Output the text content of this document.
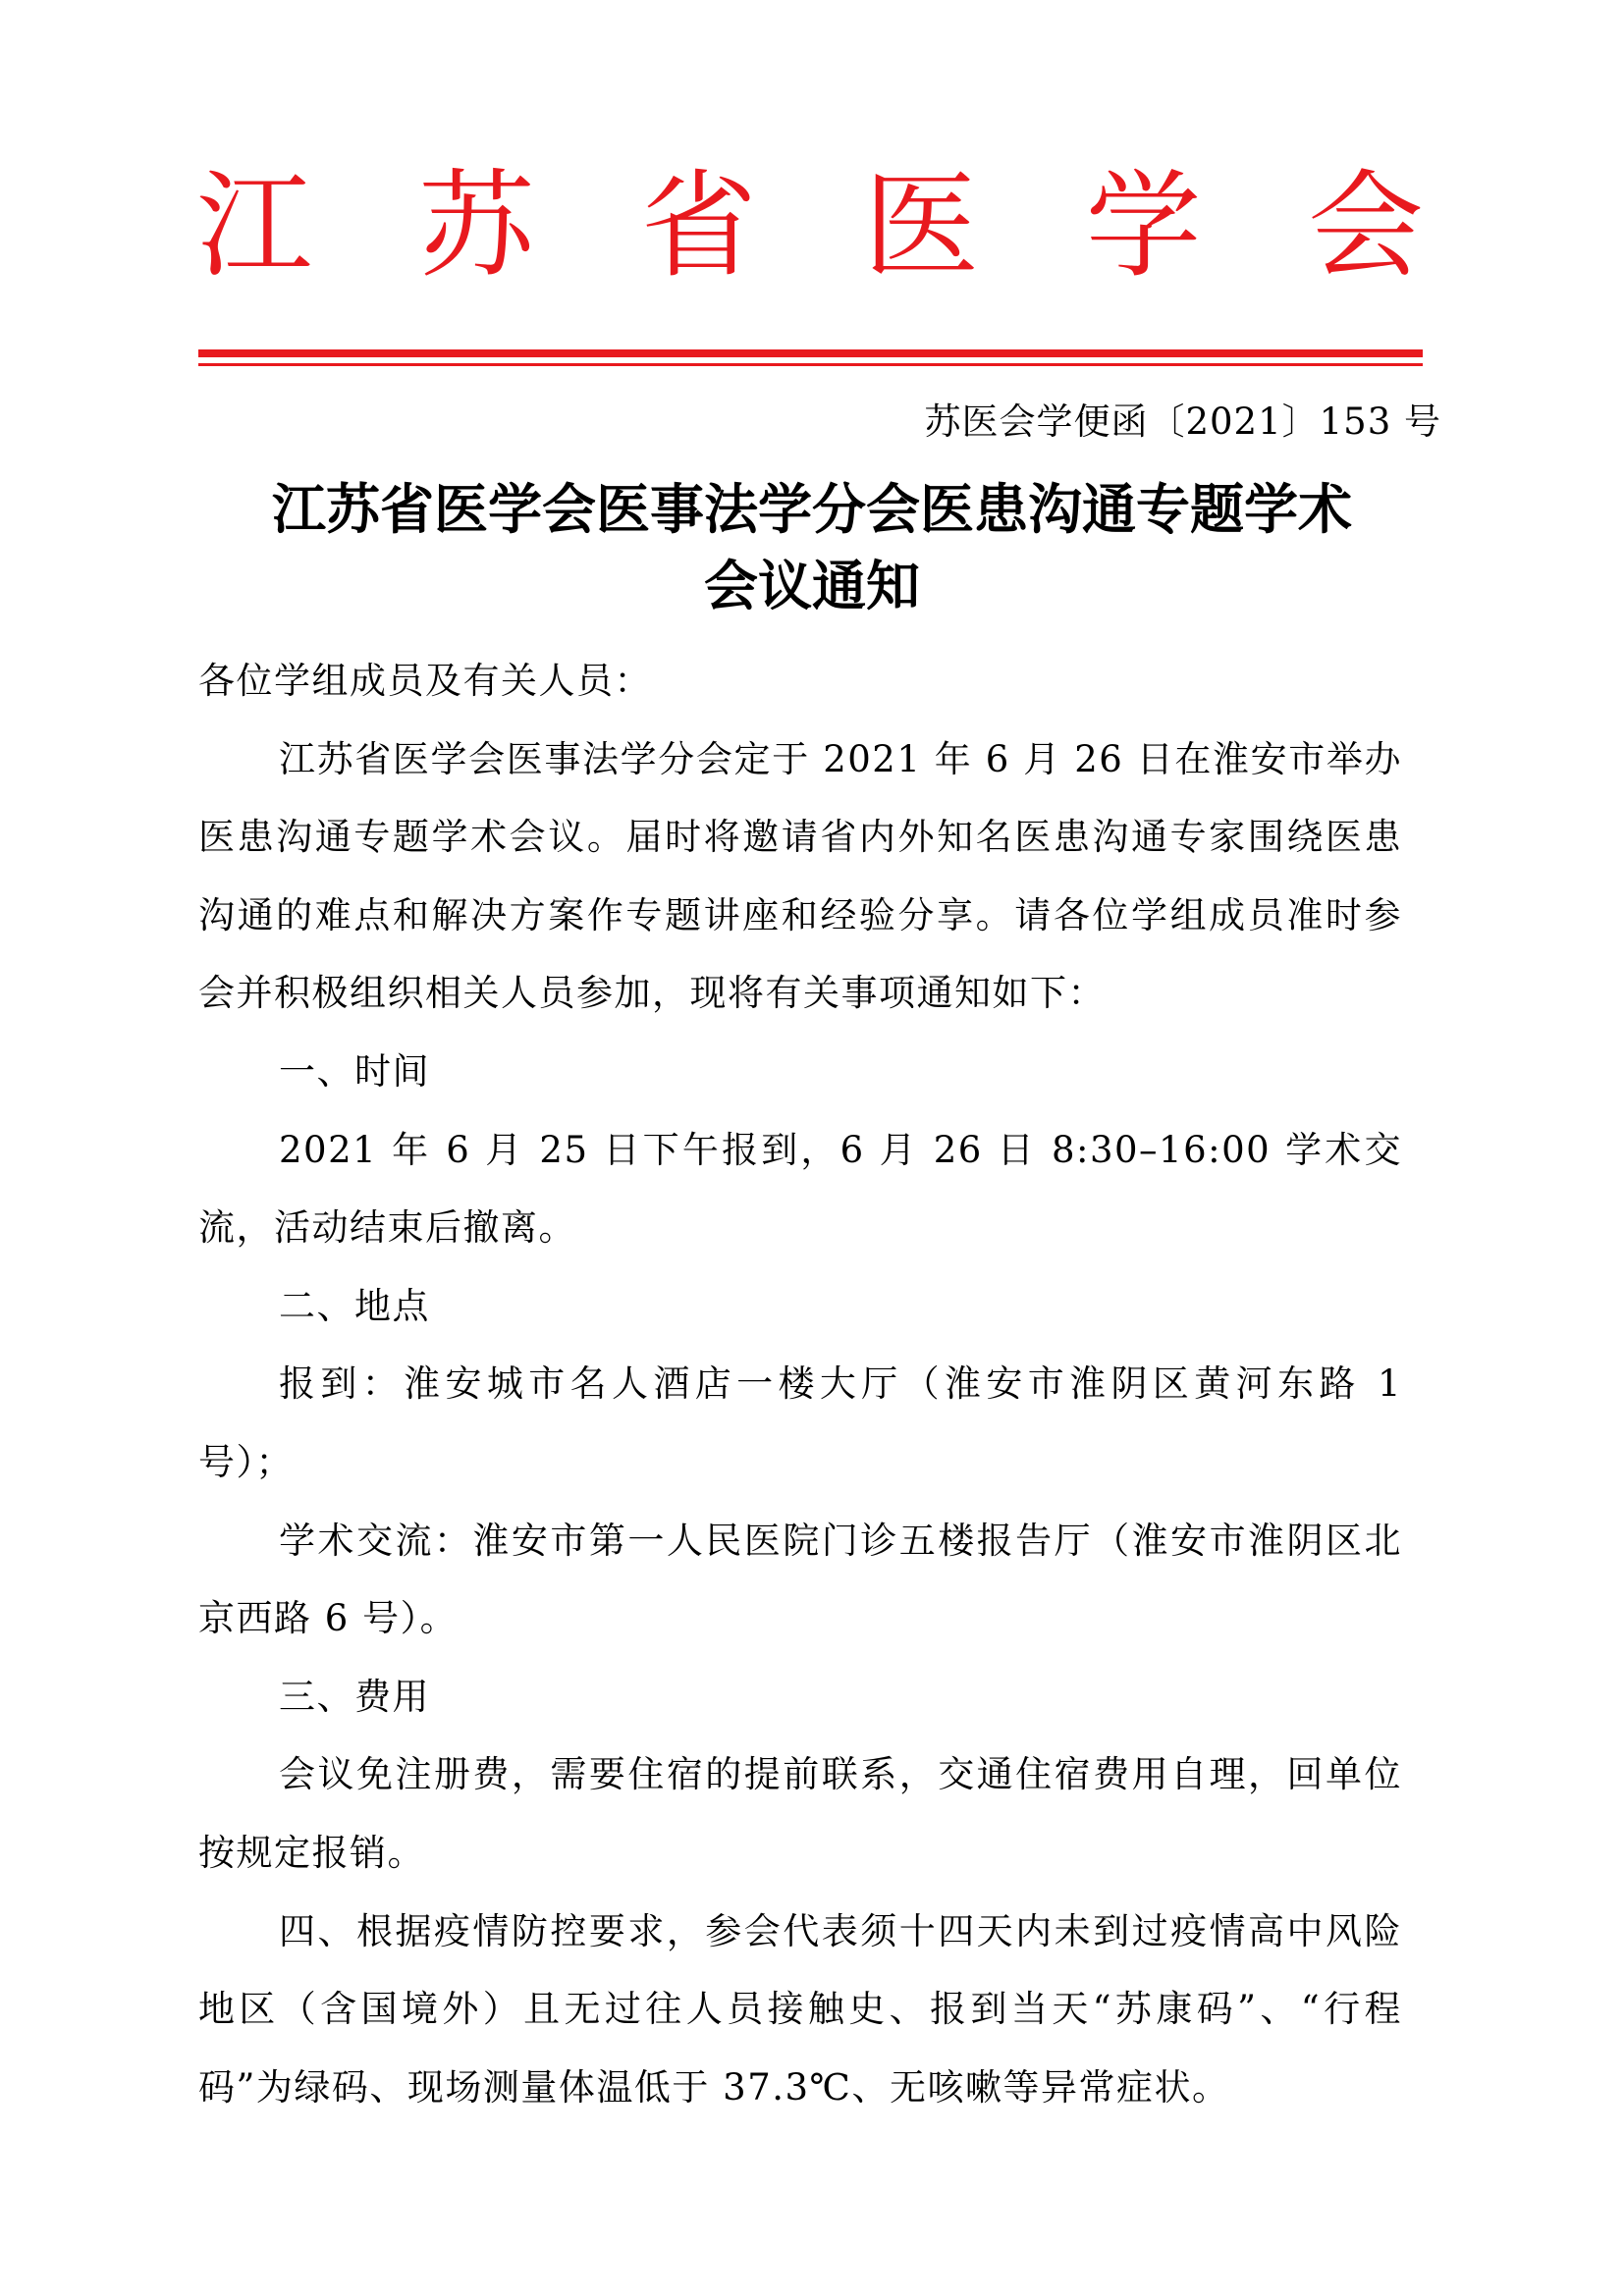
江 苏 省 医 学 会
苏医会学便函〔2021〕153 号
江苏省医学会医事法学分会医患沟通专题学术
会议通知

各位学组成员及有关人员：

江苏省医学会医事法学分会定于 2021 年 6 月 26 日在淮安市举办医患沟通专题学术会议。届时将邀请省内外知名医患沟通专家围绕医患沟通的难点和解决方案作专题讲座和经验分享。请各位学组成员准时参会并积极组织相关人员参加，现将有关事项通知如下：

一、时间

2021 年 6 月 25 日下午报到，6 月 26 日 8:30–16:00 学术交流，活动结束后撤离。

二、地点

报到：淮安城市名人酒店一楼大厅（淮安市淮阴区黄河东路 1 号）；

学术交流：淮安市第一人民医院门诊五楼报告厅（淮安市淮阴区北京西路 6 号）。

三、费用

会议免注册费，需要住宿的提前联系，交通住宿费用自理，回单位按规定报销。

四、根据疫情防控要求，参会代表须十四天内未到过疫情高中风险地区（含国境外）且无过往人员接触史、报到当天“苏康码”、“行程码”为绿码、现场测量体温低于 37.3℃、无咳嗽等异常症状。
